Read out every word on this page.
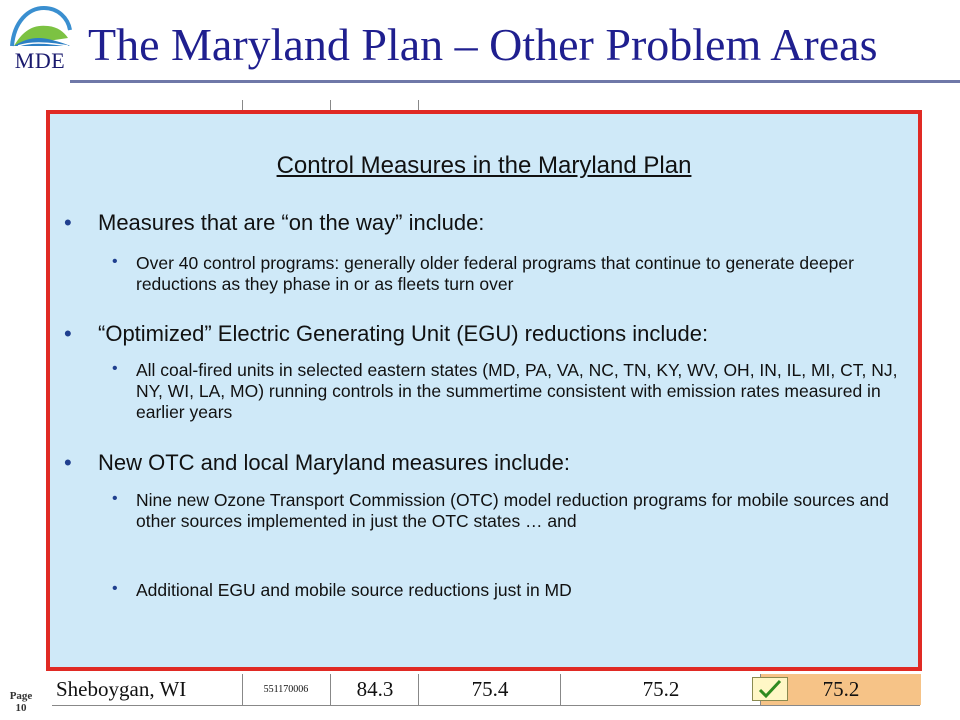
MDE The Maryland Plan – Other Problem Areas
Sheboygan, WI	551170006	84.3	75.4	75.2	75.2
Page
10
Control Measures in the Maryland Plan
•	Measures that are “on the way” include:
•	Over 40 control programs: generally older federal programs that continue to generate deeper reductions as they phase in or as fleets turn over
•	“Optimized” Electric Generating Unit (EGU) reductions include:
•	All coal-fired units in selected eastern states (MD, PA, VA, NC, TN, KY, WV, OH, IN, IL, MI, CT, NJ, NY, WI, LA, MO) running controls in the summertime consistent with emission rates measured in earlier years
•	New OTC and local Maryland measures include:
•	Nine new Ozone Transport Commission (OTC) model reduction programs for mobile sources and other sources implemented in just the OTC states … and
•	Additional EGU and mobile source reductions just in MD
